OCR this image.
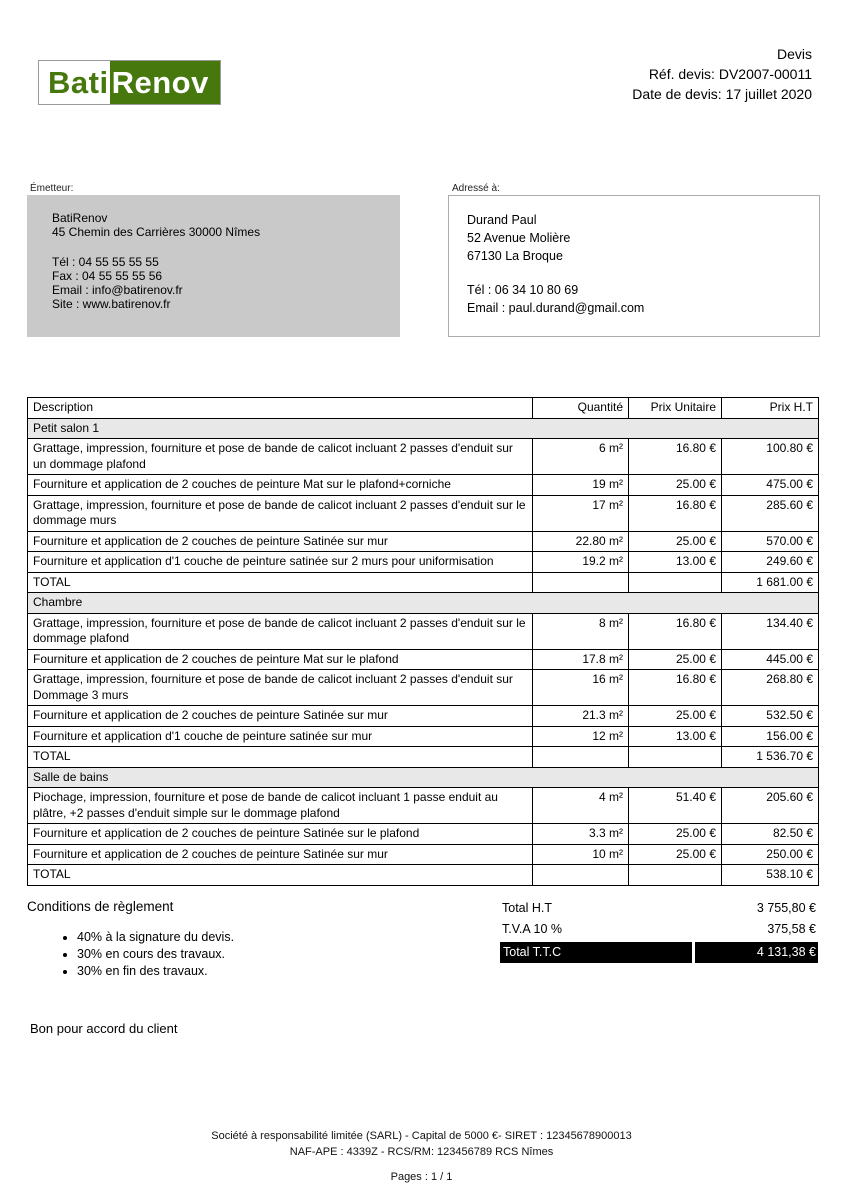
Bati Renov
Devis
Réf. devis: DV2007-00011
Date de devis: 17 juillet 2020
Émetteur:
BatiRenov
45 Chemin des Carrières 30000 Nîmes
Tél : 04 55 55 55 55
Fax : 04 55 55 55 56
Email : info@batirenov.fr
Site : www.batirenov.fr
Adressé à:
Durand Paul
52 Avenue Molière
67130 La Broque
Tél : 06 34 10 80 69
Email : paul.durand@gmail.com
Description	Quantité	Prix Unitaire	Prix H.T
Petit salon 1			
Grattage, impression, fourniture et pose de bande de calicot incluant 2 passes d'enduit sur un dommage plafond	6 m²	16.80 €	100.80 €
Fourniture et application de 2 couches de peinture Mat sur le plafond+corniche	19 m²	25.00 €	475.00 €
Grattage, impression, fourniture et pose de bande de calicot incluant 2 passes d'enduit sur le dommage murs	17 m²	16.80 €	285.60 €
Fourniture et application de 2 couches de peinture Satinée sur mur	22.80 m²	25.00 €	570.00 €
Fourniture et application d'1 couche de peinture satinée sur 2 murs pour uniformisation	19.2 m²	13.00 €	249.60 €
TOTAL			1 681.00 €
Chambre			
Grattage, impression, fourniture et pose de bande de calicot incluant 2 passes d'enduit sur le dommage plafond	8 m²	16.80 €	134.40 €
Fourniture et application de 2 couches de peinture Mat sur le plafond	17.8 m²	25.00 €	445.00 €
Grattage, impression, fourniture et pose de bande de calicot incluant 2 passes d'enduit sur Dommage 3 murs	16 m²	16.80 €	268.80 €
Fourniture et application de 2 couches de peinture Satinée sur mur	21.3 m²	25.00 €	532.50 €
Fourniture et application d'1 couche de peinture satinée sur mur	12 m²	13.00 €	156.00 €
TOTAL			1 536.70 €
Salle de bains			
Piochage, impression, fourniture et pose de bande de calicot incluant 1 passe enduit au plâtre, +2 passes d'enduit simple sur le dommage plafond	4 m²	51.40 €	205.60 €
Fourniture et application de 2 couches de peinture Satinée sur le plafond	3.3 m²	25.00 €	82.50 €
Fourniture et application de 2 couches de peinture Satinée sur mur	10 m²	25.00 €	250.00 €
TOTAL			538.10 €
Conditions de règlement
• 40% à la signature du devis.
• 30% en cours des travaux.
• 30% en fin des travaux.
Total H.T	3 755,80 €
T.V.A 10 %	375,58 €
Total T.T.C	4 131,38 €
Bon pour accord du client
Société à responsabilité limitée (SARL) - Capital de 5000 €- SIRET : 12345678900013
NAF-APE : 4339Z - RCS/RM: 123456789 RCS Nîmes
Pages : 1 / 1
